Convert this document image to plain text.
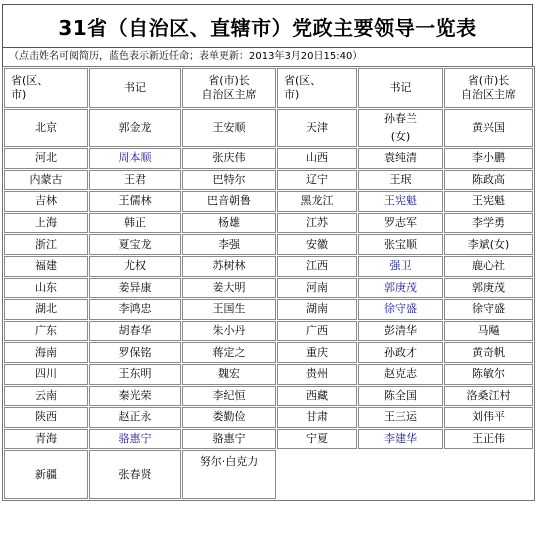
31省（自治区、直辖市）党政主要领导一览表
（点击姓名可阅简历，蓝色表示新近任命；表单更新：2013年3月20日15:40）
省(区、
市)	书记	省(市)长
自治区主席	省(区、
市)	书记	省(市)长
自治区主席
北京	郭金龙	王安顺	天津	孙春兰(女)	黄兴国
河北	周本顺	张庆伟	山西	袁纯清	李小鹏
内蒙古	王君	巴特尔	辽宁	王珉	陈政高
吉林	王儒林	巴音朝鲁	黑龙江	王宪魁	王宪魁
上海	韩正	杨雄	江苏	罗志军	李学勇
浙江	夏宝龙	李强	安徽	张宝顺	李斌(女)
福建	尤权	苏树林	江西	强卫	鹿心社
山东	姜异康	姜大明	河南	郭庚茂	郭庚茂
湖北	李鸿忠	王国生	湖南	徐守盛	徐守盛
广东	胡春华	朱小丹	广西	彭清华	马飚
海南	罗保铭	蒋定之	重庆	孙政才	黄奇帆
四川	王东明	魏宏	贵州	赵克志	陈敏尔
云南	秦光荣	李纪恒	西藏	陈全国	洛桑江村
陕西	赵正永	娄勤俭	甘肃	王三运	刘伟平
青海	骆惠宁	骆惠宁	宁夏	李建华	王正伟
新疆	张春贤	努尔·白克力			
